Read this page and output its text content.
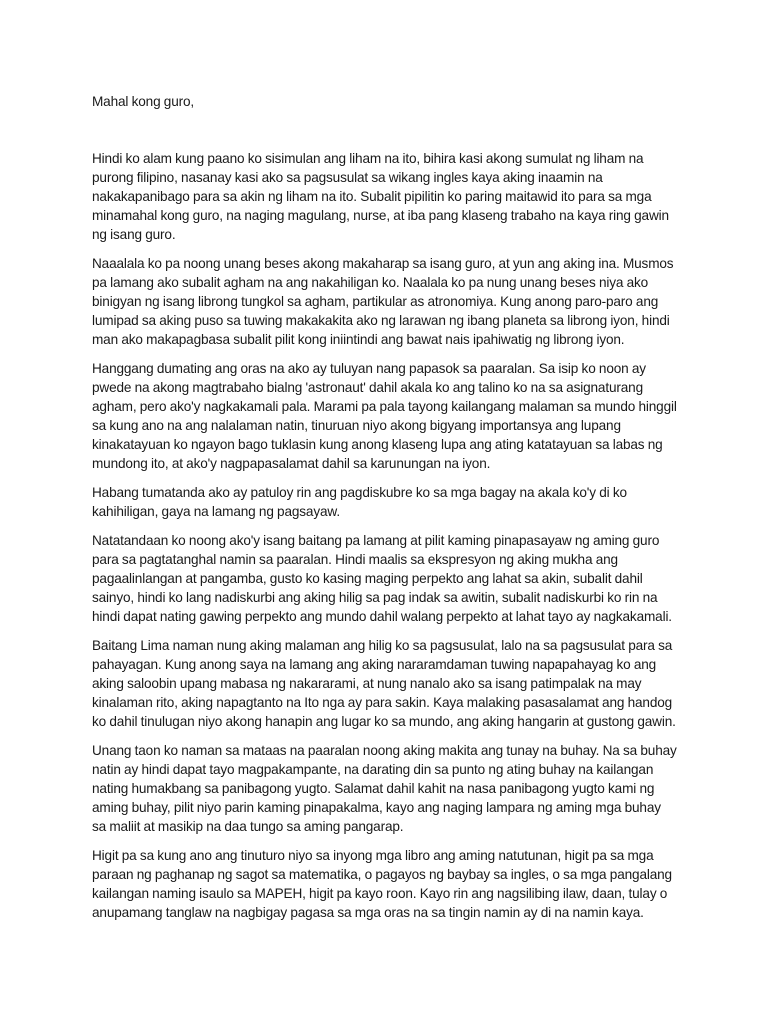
Mahal kong guro,

Hindi ko alam kung paano ko sisimulan ang liham na ito, bihira kasi akong sumulat ng liham na purong filipino, nasanay kasi ako sa pagsusulat sa wikang ingles kaya aking inaamin na nakakapanibago para sa akin ng liham na ito. Subalit pipilitin ko paring maitawid ito para sa mga minamahal kong guro, na naging magulang, nurse, at iba pang klaseng trabaho na kaya ring gawin ng isang guro.

Naaalala ko pa noong unang beses akong makaharap sa isang guro, at yun ang aking ina. Musmos pa lamang ako subalit agham na ang nakahiligan ko. Naalala ko pa nung unang beses niya ako binigyan ng isang librong tungkol sa agham, partikular as atronomiya. Kung anong paro-paro ang lumipad sa aking puso sa tuwing makakakita ako ng larawan ng ibang planeta sa librong iyon, hindi man ako makapagbasa subalit pilit kong iniintindi ang bawat nais ipahiwatig ng librong iyon.

Hanggang dumating ang oras na ako ay tuluyan nang papasok sa paaralan. Sa isip ko noon ay pwede na akong magtrabaho bialng 'astronaut' dahil akala ko ang talino ko na sa asignaturang agham, pero ako'y nagkakamali pala. Marami pa pala tayong kailangang malaman sa mundo hinggil sa kung ano na ang nalalaman natin, tinuruan niyo akong bigyang importansya ang lupang kinakatayuan ko ngayon bago tuklasin kung anong klaseng lupa ang ating katatayuan sa labas ng mundong ito, at ako'y nagpapasalamat dahil sa karunungan na iyon.

Habang tumatanda ako ay patuloy rin ang pagdiskubre ko sa mga bagay na akala ko'y di ko kahihiligan, gaya na lamang ng pagsayaw.

Natatandaan ko noong ako'y isang baitang pa lamang at pilit kaming pinapasayaw ng aming guro para sa pagtatanghal namin sa paaralan. Hindi maalis sa ekspresyon ng aking mukha ang pagaalinlangan at pangamba, gusto ko kasing maging perpekto ang lahat sa akin, subalit dahil sainyo, hindi ko lang nadiskurbi ang aking hilig sa pag indak sa awitin, subalit nadiskurbi ko rin na hindi dapat nating gawing perpekto ang mundo dahil walang perpekto at lahat tayo ay nagkakamali.

Baitang Lima naman nung aking malaman ang hilig ko sa pagsusulat, lalo na sa pagsusulat para sa pahayagan. Kung anong saya na lamang ang aking nararamdaman tuwing napapahayag ko ang aking saloobin upang mabasa ng nakararami, at nung nanalo ako sa isang patimpalak na may kinalaman rito, aking napagtanto na Ito nga ay para sakin. Kaya malaking pasasalamat ang handog ko dahil tinulugan niyo akong hanapin ang lugar ko sa mundo, ang aking hangarin at gustong gawin.

Unang taon ko naman sa mataas na paaralan noong aking makita ang tunay na buhay. Na sa buhay natin ay hindi dapat tayo magpakampante, na darating din sa punto ng ating buhay na kailangan nating humakbang sa panibagong yugto. Salamat dahil kahit na nasa panibagong yugto kami ng aming buhay, pilit niyo parin kaming pinapakalma, kayo ang naging lampara ng aming mga buhay sa maliit at masikip na daa tungo sa aming pangarap.

Higit pa sa kung ano ang tinuturo niyo sa inyong mga libro ang aming natutunan, higit pa sa mga paraan ng paghanap ng sagot sa matematika, o pagayos ng baybay sa ingles, o sa mga pangalang kailangan naming isaulo sa MAPEH, higit pa kayo roon. Kayo rin ang nagsilibing ilaw, daan, tulay o anupamang tanglaw na nagbigay pagasa sa mga oras na sa tingin namin ay di na namin kaya.
